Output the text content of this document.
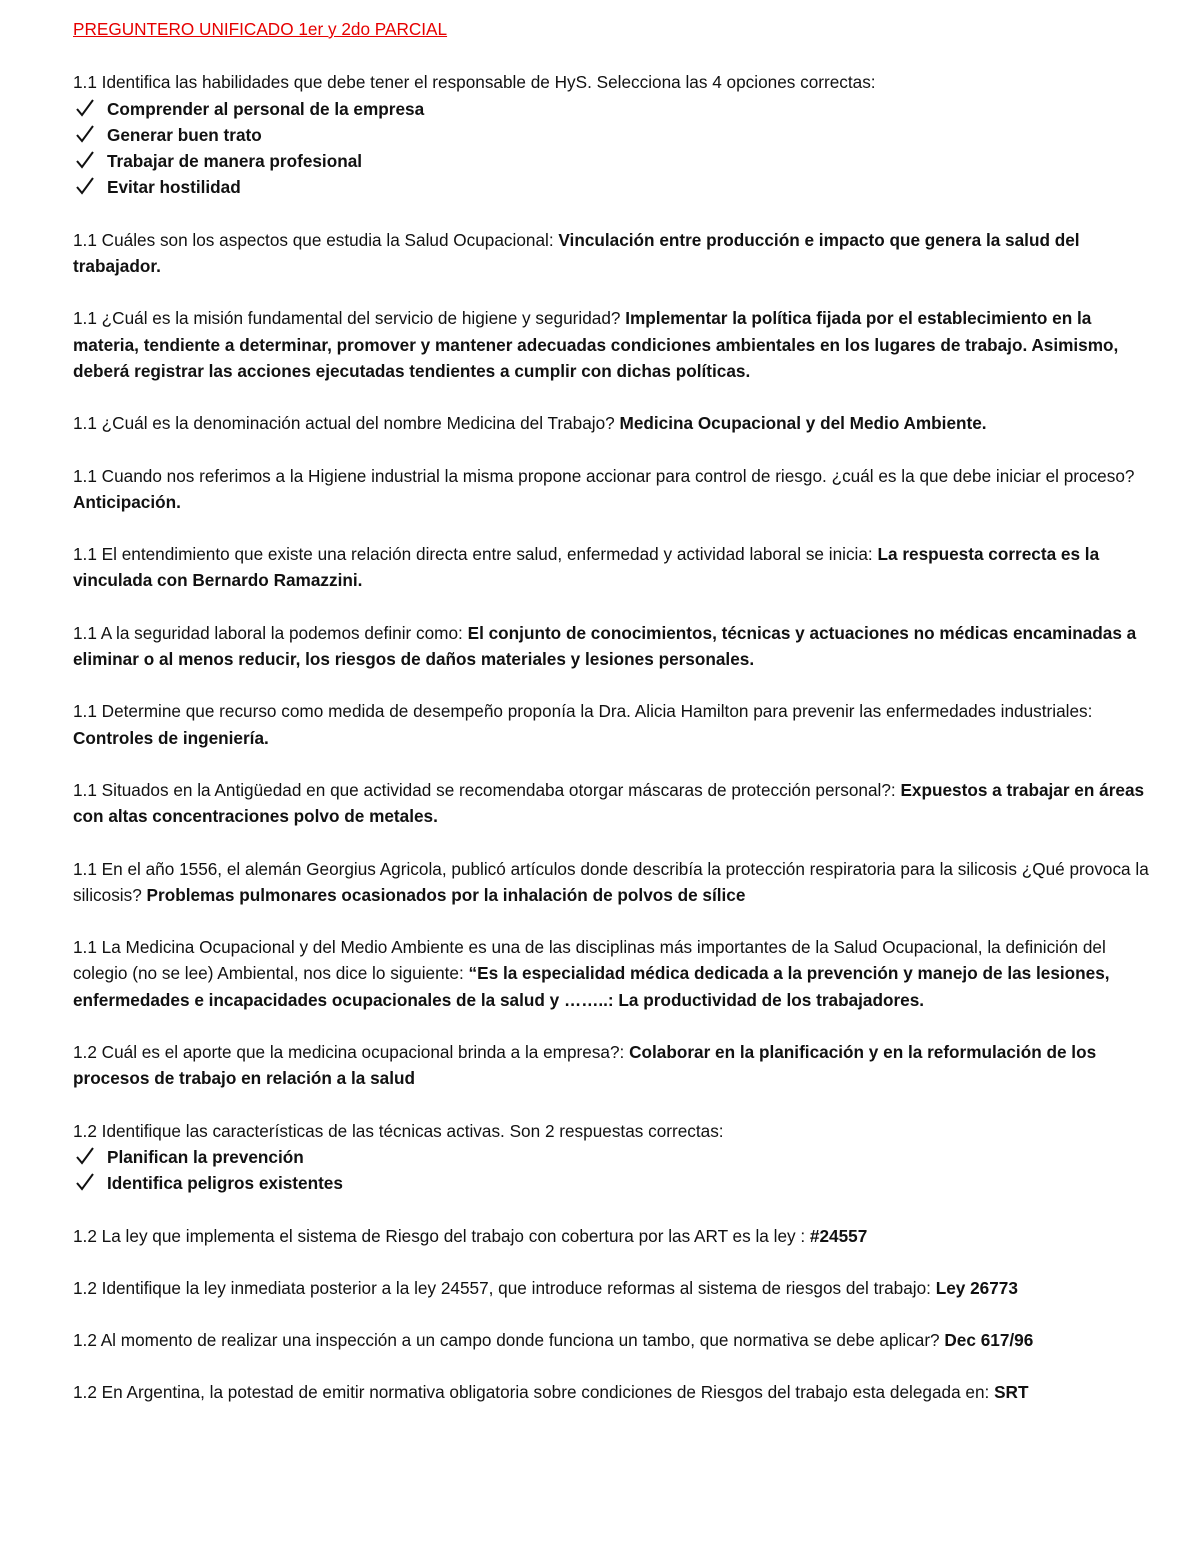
PREGUNTERO UNIFICADO 1er y 2do PARCIAL
1.1 Identifica las habilidades que debe tener el responsable de HyS. Selecciona las 4 opciones correctas:
Comprender al personal de la empresa
Generar buen trato
Trabajar de manera profesional
Evitar hostilidad

1.1 Cuáles son los aspectos que estudia la Salud Ocupacional: Vinculación entre producción e impacto que genera la salud del trabajador.

1.1 ¿Cuál es la misión fundamental del servicio de higiene y seguridad? Implementar la política fijada por el establecimiento en la materia, tendiente a determinar, promover y mantener adecuadas condiciones ambientales en los lugares de trabajo. Asimismo, deberá registrar las acciones ejecutadas tendientes a cumplir con dichas políticas.

1.1 ¿Cuál es la denominación actual del nombre Medicina del Trabajo? Medicina Ocupacional y del Medio Ambiente.

1.1 Cuando nos referimos a la Higiene industrial la misma propone accionar para control de riesgo. ¿cuál es la que debe iniciar el proceso? Anticipación.

1.1 El entendimiento que existe una relación directa entre salud, enfermedad y actividad laboral se inicia: La respuesta correcta es la vinculada con Bernardo Ramazzini.

1.1 A la seguridad laboral la podemos definir como: El conjunto de conocimientos, técnicas y actuaciones no médicas encaminadas a eliminar o al menos reducir, los riesgos de daños materiales y lesiones personales.

1.1 Determine que recurso como medida de desempeño proponía la Dra. Alicia Hamilton para prevenir las enfermedades industriales: Controles de ingeniería.

1.1 Situados en la Antigüedad en que actividad se recomendaba otorgar máscaras de protección personal?: Expuestos a trabajar en áreas con altas concentraciones polvo de metales.

1.1 En el año 1556, el alemán Georgius Agricola, publicó artículos donde describía la protección respiratoria para la silicosis ¿Qué provoca la silicosis? Problemas pulmonares ocasionados por la inhalación de polvos de sílice

1.1 La Medicina Ocupacional y del Medio Ambiente es una de las disciplinas más importantes de la Salud Ocupacional, la definición del colegio (no se lee) Ambiental, nos dice lo siguiente: “Es la especialidad médica dedicada a la prevención y manejo de las lesiones, enfermedades e incapacidades ocupacionales de la salud y ……..: La productividad de los trabajadores.

1.2 Cuál es el aporte que la medicina ocupacional brinda a la empresa?: Colaborar en la planificación y en la reformulación de los procesos de trabajo en relación a la salud

1.2 Identifique las características de las técnicas activas. Son 2 respuestas correctas:
Planifican la prevención
Identifica peligros existentes

1.2 La ley que implementa el sistema de Riesgo del trabajo con cobertura por las ART es la ley : #24557

1.2 Identifique la ley inmediata posterior a la ley 24557, que introduce reformas al sistema de riesgos del trabajo: Ley 26773

1.2 Al momento de realizar una inspección a un campo donde funciona un tambo, que normativa se debe aplicar? Dec 617/96

1.2 En Argentina, la potestad de emitir normativa obligatoria sobre condiciones de Riesgos del trabajo esta delegada en: SRT
